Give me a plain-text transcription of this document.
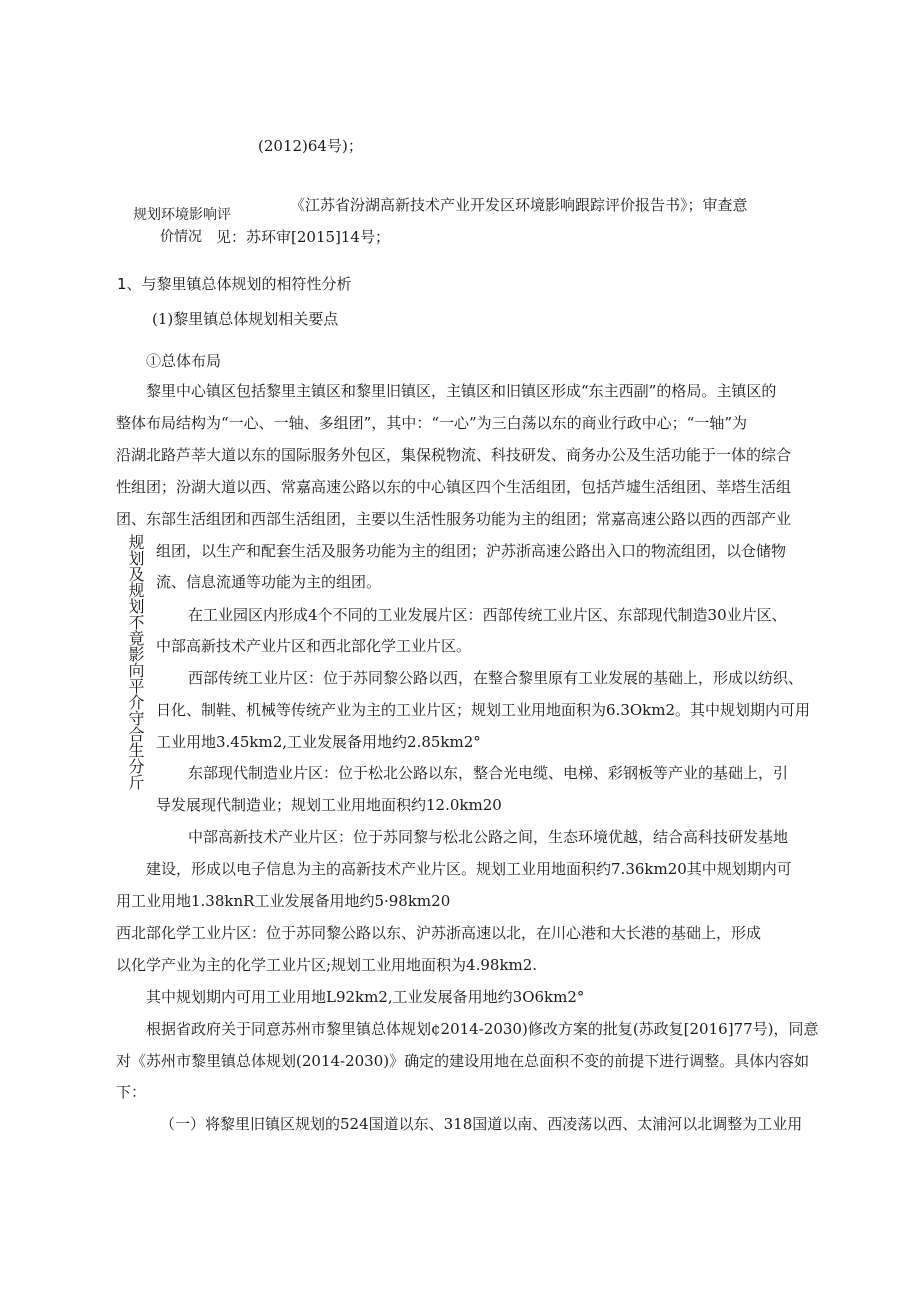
(2012)64号)；
规划环境影响评
价情况
《江苏省汾湖高新技术产业开发区环境影响跟踪评价报告书》；审查意
见：苏环审[2015]14号；
1、与黎里镇总体规划的相符性分析
(1)黎里镇总体规划相关要点
①总体布局
规划及规划不竟影向平介守合生分斤
黎里中心镇区包括黎里主镇区和黎里旧镇区，主镇区和旧镇区形成“东主西副”的格局。主镇区的
整体布局结构为“一心、一轴、多组团”，其中：“一心”为三白荡以东的商业行政中心；“一轴”为
沿湖北路芦莘大道以东的国际服务外包区，集保税物流、科技研发、商务办公及生活功能于一体的综合
性组团；汾湖大道以西、常嘉高速公路以东的中心镇区四个生活组团，包括芦墟生活组团、莘塔生活组
团、东部生活组团和西部生活组团，主要以生活性服务功能为主的组团；常嘉高速公路以西的西部产业
组团，以生产和配套生活及服务功能为主的组团；沪苏浙高速公路出入口的物流组团，以仓储物
流、信息流通等功能为主的组团。
在工业园区内形成4个不同的工业发展片区：西部传统工业片区、东部现代制造30业片区、
中部高新技术产业片区和西北部化学工业片区。
西部传统工业片区：位于苏同黎公路以西，在整合黎里原有工业发展的基础上，形成以纺织、
日化、制鞋、机械等传统产业为主的工业片区；规划工业用地面积为6.3Okm2。其中规划期内可用
工业用地3.45km2,工业发展备用地约2.85km2°
东部现代制造业片区：位于松北公路以东，整合光电缆、电梯、彩钢板等产业的基础上，引
导发展现代制造业；规划工业用地面积约12.0km20
中部高新技术产业片区：位于苏同黎与松北公路之间，生态环境优越，结合高科技研发基地
建设，形成以电子信息为主的高新技术产业片区。规划工业用地面积约7.36km20其中规划期内可
用工业用地1.38knR工业发展备用地约5·98km20
西北部化学工业片区：位于苏同黎公路以东、沪苏浙高速以北，在川心港和大长港的基础上，形成
以化学产业为主的化学工业片区;规划工业用地面积为4.98km2.
其中规划期内可用工业用地L92km2,工业发展备用地约3O6km2°
根据省政府关于同意苏州市黎里镇总体规划¢2014-2030)修改方案的批复(苏政复[2016]77号)，同意
对《苏州市黎里镇总体规划(2014-2030)》确定的建设用地在总面积不变的前提下进行调整。具体内容如
下：
（一）将黎里旧镇区规划的524国道以东、318国道以南、西凌荡以西、太浦河以北调整为工业用
